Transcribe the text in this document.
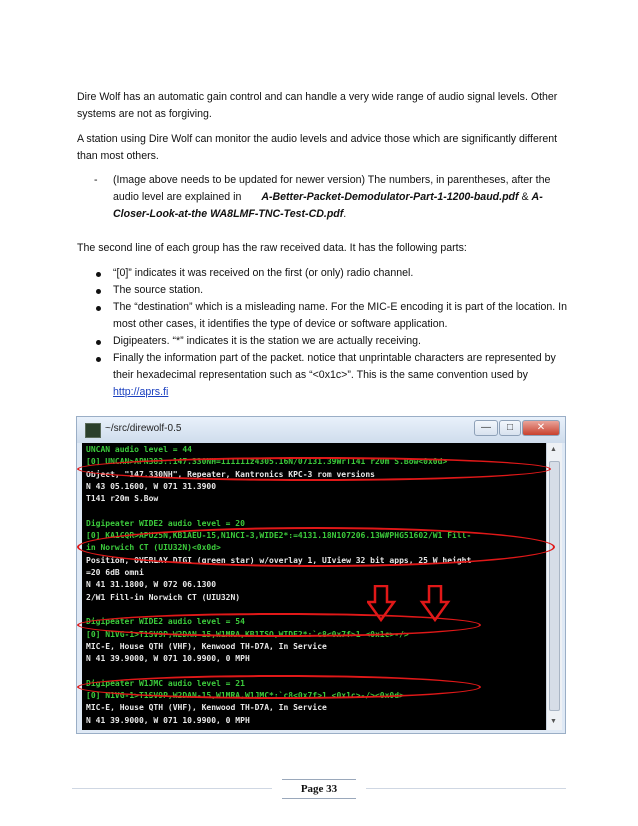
Dire Wolf has an automatic gain control and can handle a very wide range of audio signal levels. Other systems are not as forgiving.

A station using Dire Wolf can monitor the audio levels and advice those which are significantly different than most others.

- (Image above needs to be updated for newer version) The numbers, in parentheses, after the audio level are explained in A-Better-Packet-Demodulator-Part-1-1200-baud.pdf & A-Closer-Look-at-the WA8LMF-TNC-Test-CD.pdf.

The second line of each group has the raw received data. It has the following parts:

“[0]” indicates it was received on the first (or only) radio channel.
The source station.
The “destination” which is a misleading name. For the MIC-E encoding it is part of the location. In most other cases, it identifies the type of device or software application.
Digipeaters. “*” indicates it is the station we are actually receiving.
Finally the information part of the packet. notice that unprintable characters are represented by their hexadecimal representation such as “<0x1c>”. This is the same convention used by http://aprs.fi
~/src/direwolf-0.5	—	□	✕
UNCAN audio level = 44
[0] UNCAN>APN383::147.330NH=111111z4305.16N/07131.39WrT141 r20m S.Bow<0x0d>
Object, "147.330NH", Repeater, Kantronics KPC-3 rom versions
N 43 05.1600, W 071 31.3900
T141 r20m S.Bow
Digipeater WIDE2 audio level = 20
[0] KA1CQR>APU25N,KB1AEU-15,N1NCI-3,WIDE2*:=4131.18N107206.13W#PHG51602/W1 Fill-
in Norwich CT (UIU32N)<0x0d>
Position, OVERLAY DIGI (green star) w/overlay 1, UIview 32 bit apps, 25 W height
=20 6dB omni
N 41 31.1800, W 072 06.1300
2/W1 Fill-in Norwich CT (UIU32N)
Digipeater WIDE2 audio level = 54
[0] N1VG-1>T1SV9P,W2DAN-15,W1MRA,KB1TSO,WIDE2*:`c8<0x7f>1 <0x1c>-/>
MIC-E, House QTH (VHF), Kenwood TH-D7A, In Service
N 41 39.9000, W 071 10.9900, 0 MPH
Digipeater W1JMC audio level = 21
[0] N1VG-1>T1SV9P,W2DAN-15,W1MRA,W1JMC*:`c8<0x7f>1 <0x1c>-/><0x0d>
MIC-E, House QTH (VHF), Kenwood TH-D7A, In Service
N 41 39.9000, W 071 10.9900, 0 MPH
▲
▼
Page 33
